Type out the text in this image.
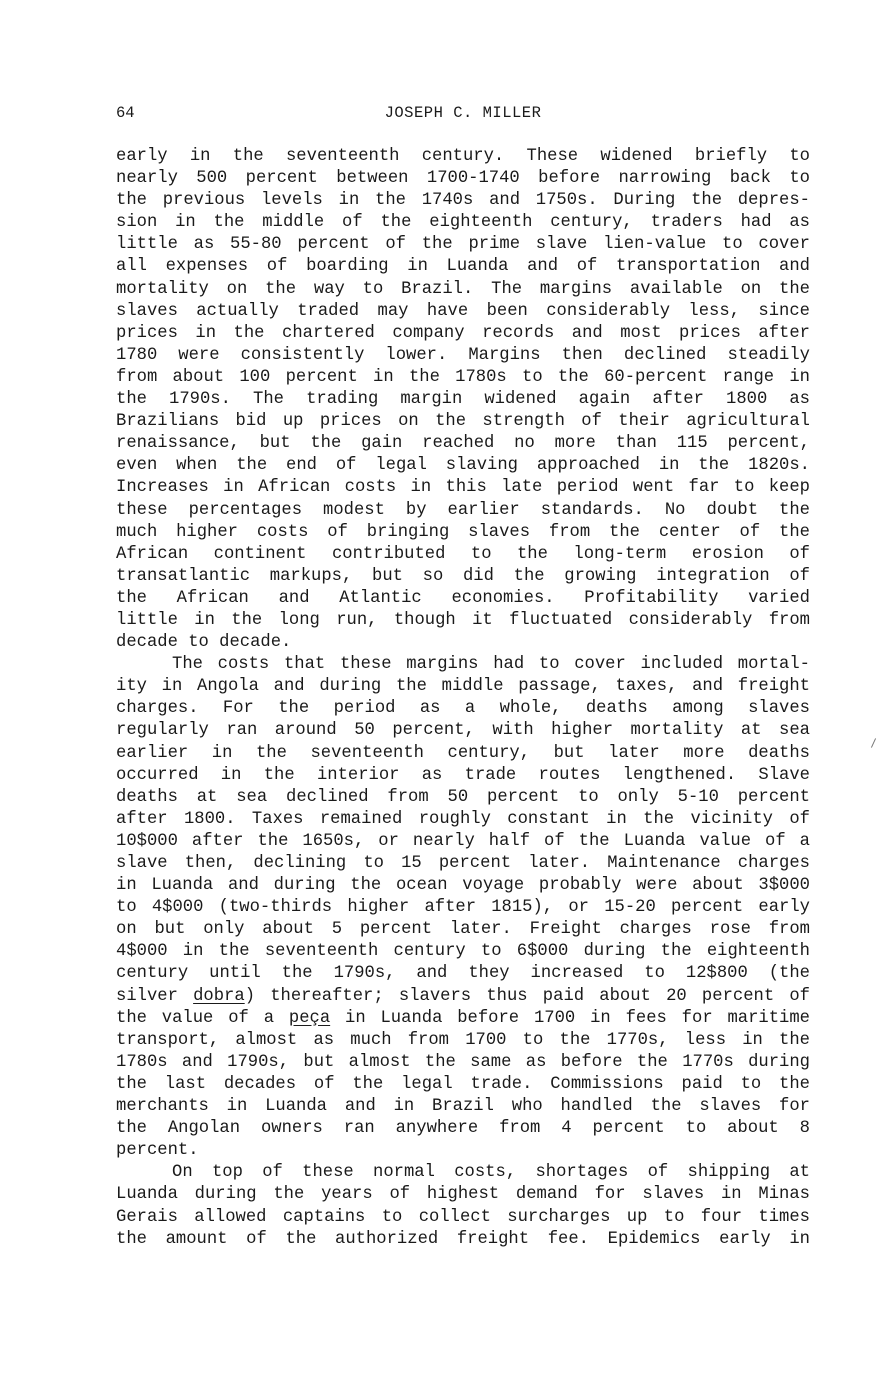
64	JOSEPH C. MILLER
early in the seventeenth century. These widened briefly to
nearly 500 percent between 1700-1740 before narrowing back to
the previous levels in the 1740s and 1750s. During the depres-
sion in the middle of the eighteenth century, traders had as
little as 55-80 percent of the prime slave lien-value to cover
all expenses of boarding in Luanda and of transportation and
mortality on the way to Brazil. The margins available on the
slaves actually traded may have been considerably less, since
prices in the chartered company records and most prices after
1780 were consistently lower. Margins then declined steadily
from about 100 percent in the 1780s to the 60-percent range in
the 1790s. The trading margin widened again after 1800 as
Brazilians bid up prices on the strength of their agricultural
renaissance, but the gain reached no more than 115 percent,
even when the end of legal slaving approached in the 1820s.
Increases in African costs in this late period went far to keep
these percentages modest by earlier standards. No doubt the
much higher costs of bringing slaves from the center of the
African continent contributed to the long-term erosion of
transatlantic markups, but so did the growing integration of
the African and Atlantic economies. Profitability varied
little in the long run, though it fluctuated considerably from
decade to decade.
The costs that these margins had to cover included mortal-
ity in Angola and during the middle passage, taxes, and freight
charges. For the period as a whole, deaths among slaves
regularly ran around 50 percent, with higher mortality at sea
earlier in the seventeenth century, but later more deaths
occurred in the interior as trade routes lengthened. Slave
deaths at sea declined from 50 percent to only 5-10 percent
after 1800. Taxes remained roughly constant in the vicinity of
10$000 after the 1650s, or nearly half of the Luanda value of a
slave then, declining to 15 percent later. Maintenance charges
in Luanda and during the ocean voyage probably were about 3$000
to 4$000 (two-thirds higher after 1815), or 15-20 percent early
on but only about 5 percent later. Freight charges rose from
4$000 in the seventeenth century to 6$000 during the eighteenth
century until the 1790s, and they increased to 12$800 (the
silver dobra) thereafter; slavers thus paid about 20 percent of
the value of a peça in Luanda before 1700 in fees for maritime
transport, almost as much from 1700 to the 1770s, less in the
1780s and 1790s, but almost the same as before the 1770s during
the last decades of the legal trade. Commissions paid to the
merchants in Luanda and in Brazil who handled the slaves for
the Angolan owners ran anywhere from 4 percent to about 8
percent.
On top of these normal costs, shortages of shipping at
Luanda during the years of highest demand for slaves in Minas
Gerais allowed captains to collect surcharges up to four times
the amount of the authorized freight fee. Epidemics early in
